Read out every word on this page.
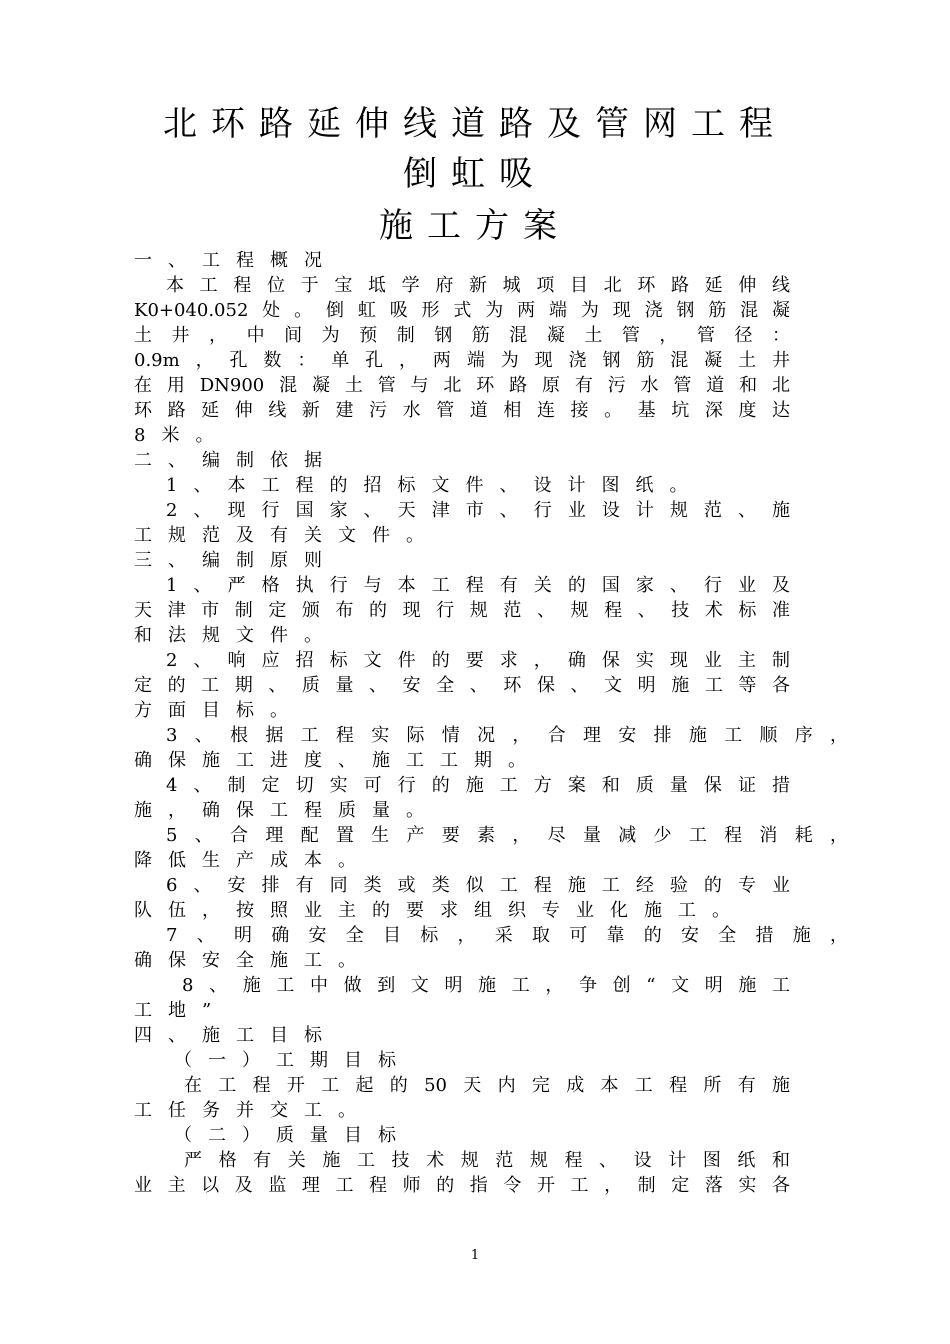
北环路延伸线道路及管网工程
倒虹吸
施工方案
一、工程概况
本工程位于宝坻学府新城项目北环路延伸线
K0+040.052处。倒虹吸形式为两端为现浇钢筋混凝
土井，中间为预制钢筋混凝土管，管径：
0.9m，孔数：单孔，两端为现浇钢筋混凝土井
在用DN900混凝土管与北环路原有污水管道和北
环路延伸线新建污水管道相连接。基坑深度达
8米。
二、编制依据
1、本工程的招标文件、设计图纸。
2、现行国家、天津市、行业设计规范、施
工规范及有关文件。
三、编制原则
1、严格执行与本工程有关的国家、行业及
天津市制定颁布的现行规范、规程、技术标准
和法规文件。
2、响应招标文件的要求，确保实现业主制
定的工期、质量、安全、环保、文明施工等各
方面目标。
3、根据工程实际情况，合理安排施工顺序，
确保施工进度、施工工期。
4、制定切实可行的施工方案和质量保证措
施，确保工程质量。
5、合理配置生产要素，尽量减少工程消耗，
降低生产成本。
6、安排有同类或类似工程施工经验的专业
队伍，按照业主的要求组织专业化施工。
7、明确安全目标，采取可靠的安全措施，
确保安全施工。
8、施工中做到文明施工，争创“文明施工
工地”
四、施工目标
（一）工期目标
在工程开工起的50天内完成本工程所有施
工任务并交工。
（二）质量目标
严格有关施工技术规范规程、设计图纸和
业主以及监理工程师的指令开工，制定落实各
1
